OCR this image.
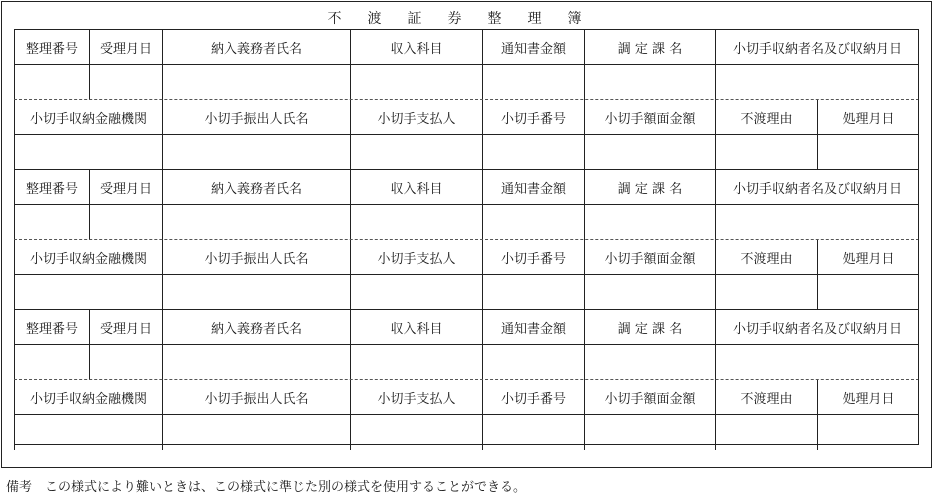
不渡証券整理簿
整理番号	受理月日	納入義務者氏名	収入科目	通知書金額	調 定 課 名	小切手収納者名及び収納月日
小切手収納金融機関	小切手振出人氏名	小切手支払人	小切手番号	小切手額面金額	不渡理由	処理月日
整理番号	受理月日	納入義務者氏名	収入科目	通知書金額	調 定 課 名	小切手収納者名及び収納月日
小切手収納金融機関	小切手振出人氏名	小切手支払人	小切手番号	小切手額面金額	不渡理由	処理月日
整理番号	受理月日	納入義務者氏名	収入科目	通知書金額	調 定 課 名	小切手収納者名及び収納月日
小切手収納金融機関	小切手振出人氏名	小切手支払人	小切手番号	小切手額面金額	不渡理由	処理月日
備考　この様式により難いときは、この様式に準じた別の様式を使用することができる。
